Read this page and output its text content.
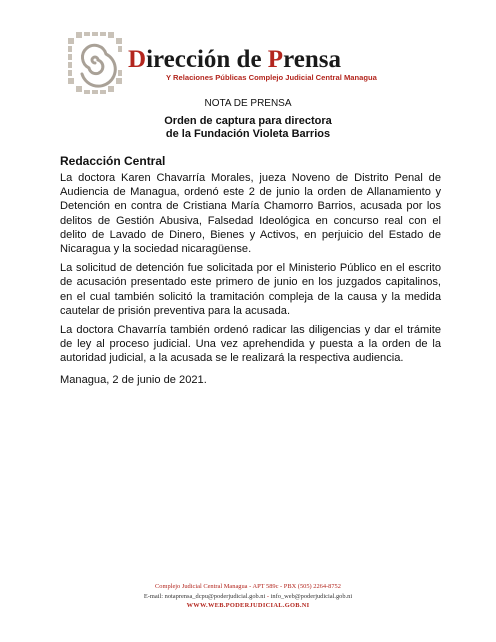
Dirección de Prensa
Y Relaciones Públicas Complejo Judicial Central Managua
NOTA DE PRENSA
Orden de captura para directora
de la Fundación Violeta Barrios
Redacción Central

La doctora Karen Chavarría Morales, jueza Noveno de Distrito Penal de Audiencia de Managua, ordenó este 2 de junio la orden de Allanamiento y Detención en contra de Cristiana María Chamorro Barrios, acusada por los delitos de Gestión Abusiva, Falsedad Ideológica en concurso real con el delito de Lavado de Dinero, Bienes y Activos, en perjuicio del Estado de Nicaragua y la sociedad nicaragüense.

La solicitud de detención fue solicitada por el Ministerio Público en el escrito de acusación presentado este primero de junio en los juzgados capitalinos, en el cual también solicitó la tramitación compleja de la causa y la medida cautelar de prisión preventiva para la acusada.

La doctora Chavarría también ordenó radicar las diligencias y dar el trámite de ley al proceso judicial. Una vez aprehendida y puesta a la orden de la autoridad judicial, a la acusada se le realizará la respectiva audiencia.

Managua, 2 de junio de 2021.
Complejo Judicial Central Managua - APT 589c - PBX (505) 2264-8752
E-mail: notaprensa_dcpu@poderjudicial.gob.ni - info_web@poderjudicial.gob.ni
WWW.WEB.PODERJUDICIAL.GOB.NI
